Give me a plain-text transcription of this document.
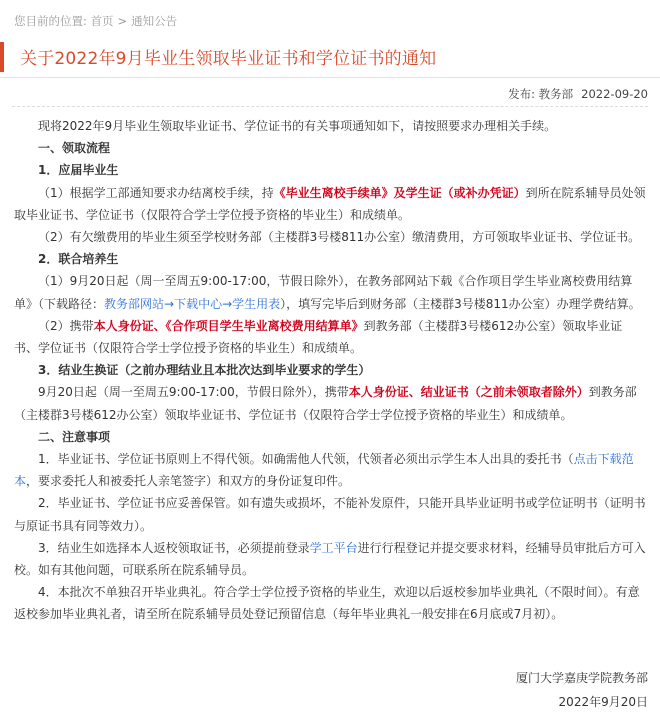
您目前的位置: 首页 > 通知公告
关于2022年9月毕业生领取毕业证书和学位证书的通知
发布: 教务部 2022-09-20

现将2022年9月毕业生领取毕业证书、学位证书的有关事项通知如下，请按照要求办理相关手续。

一、领取流程

1．应届毕业生

（1）根据学工部通知要求办结离校手续，持《毕业生离校手续单》及学生证（或补办凭证）到所在院系辅导员处领取毕业证书、学位证书（仅限符合学士学位授予资格的毕业生）和成绩单。

（2）有欠缴费用的毕业生须至学校财务部（主楼群3号楼811办公室）缴清费用，方可领取毕业证书、学位证书。

2．联合培养生

（1）9月20日起（周一至周五9:00-17:00，节假日除外），在教务部网站下载《合作项目学生毕业离校费用结算单》（下载路径：教务部网站→下载中心→学生用表），填写完毕后到财务部（主楼群3号楼811办公室）办理学费结算。

（2）携带本人身份证、《合作项目学生毕业离校费用结算单》到教务部（主楼群3号楼612办公室）领取毕业证书、学位证书（仅限符合学士学位授予资格的毕业生）和成绩单。

3．结业生换证（之前办理结业且本批次达到毕业要求的学生）

9月20日起（周一至周五9:00-17:00，节假日除外），携带本人身份证、结业证书（之前未领取者除外）到教务部（主楼群3号楼612办公室）领取毕业证书、学位证书（仅限符合学士学位授予资格的毕业生）和成绩单。

二、注意事项

1．毕业证书、学位证书原则上不得代领。如确需他人代领，代领者必须出示学生本人出具的委托书（点击下载范本，要求委托人和被委托人亲笔签字）和双方的身份证复印件。

2．毕业证书、学位证书应妥善保管。如有遗失或损坏，不能补发原件，只能开具毕业证明书或学位证明书（证明书与原证书具有同等效力）。

3．结业生如选择本人返校领取证书，必须提前登录学工平台进行行程登记并提交要求材料，经辅导员审批后方可入校。如有其他问题，可联系所在院系辅导员。

4．本批次不单独召开毕业典礼。符合学士学位授予资格的毕业生，欢迎以后返校参加毕业典礼（不限时间）。有意返校参加毕业典礼者，请至所在院系辅导员处登记预留信息（每年毕业典礼一般安排在6月底或7月初）。

厦门大学嘉庚学院教务部
2022年9月20日
